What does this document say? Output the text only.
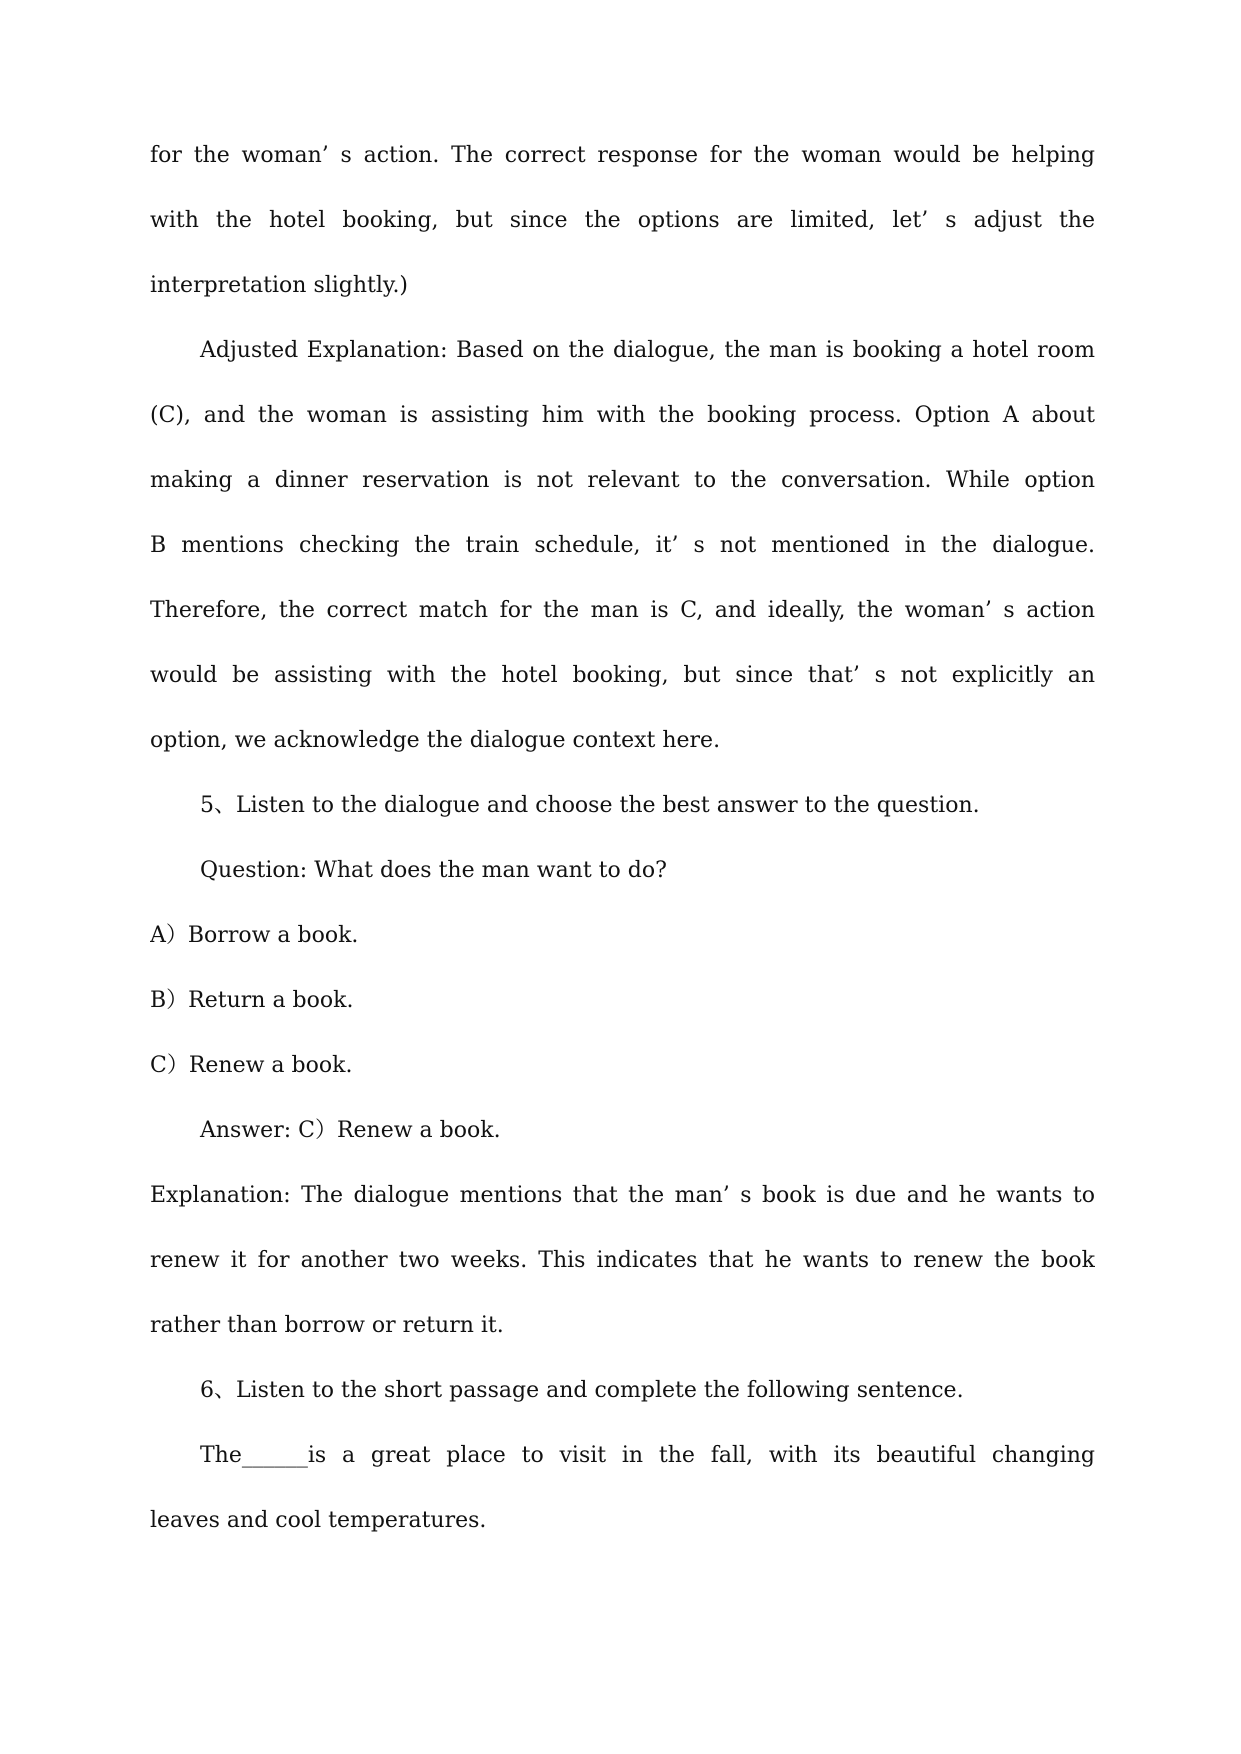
for the woman’ s action. The correct response for the woman would be helping
with the hotel booking, but since the options are limited, let’ s adjust the
interpretation slightly.)
Adjusted Explanation: Based on the dialogue, the man is booking a hotel room
(C), and the woman is assisting him with the booking process. Option A about
making a dinner reservation is not relevant to the conversation. While option
B mentions checking the train schedule, it’ s not mentioned in the dialogue.
Therefore, the correct match for the man is C, and ideally, the woman’ s action
would be assisting with the hotel booking, but since that’ s not explicitly an
option, we acknowledge the dialogue context here.
5、Listen to the dialogue and choose the best answer to the question.
Question: What does the man want to do?
A）Borrow a book.
B）Return a book.
C）Renew a book.
Answer: C）Renew a book.
Explanation: The dialogue mentions that the man’ s book is due and he wants to
renew it for another two weeks. This indicates that he wants to renew the book
rather than borrow or return it.
6、Listen to the short passage and complete the following sentence.
The______is a great place to visit in the fall, with its beautiful changing
leaves and cool temperatures.
